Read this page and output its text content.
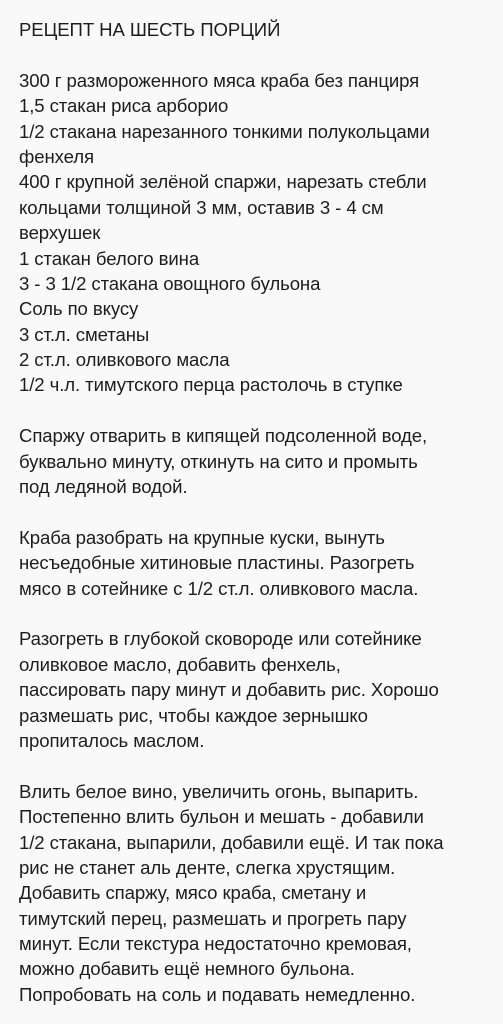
РЕЦЕПТ НА ШЕСТЬ ПОРЦИЙ
300 г размороженного мяса краба без панциря
1,5 стакан риса арборио
1/2 стакана нарезанного тонкими полукольцами
фенхеля
400 г крупной зелёной спаржи, нарезать стебли
кольцами толщиной 3 мм, оставив 3 - 4 см
верхушек
1 стакан белого вина
3 - 3 1/2 стакана овощного бульона
Соль по вкусу
3 ст.л. сметаны
2 ст.л. оливкового масла
1/2 ч.л. тимутского перца растолочь в ступке
Спаржу отварить в кипящей подсоленной воде,
буквально минуту, откинуть на сито и промыть
под ледяной водой.
Краба разобрать на крупные куски, вынуть
несъедобные хитиновые пластины. Разогреть
мясо в сотейнике с 1/2 ст.л. оливкового масла.
Разогреть в глубокой сковороде или сотейнике
оливковое масло, добавить фенхель,
пассировать пару минут и добавить рис. Хорошо
размешать рис, чтобы каждое зернышко
пропиталось маслом.
Влить белое вино, увеличить огонь, выпарить.
Постепенно влить бульон и мешать - добавили
1/2 стакана, выпарили, добавили ещё. И так пока
рис не станет аль денте, слегка хрустящим.
Добавить спаржу, мясо краба, сметану и
тимутский перец, размешать и прогреть пару
минут. Если текстура недостаточно кремовая,
можно добавить ещё немного бульона.
Попробовать на соль и подавать немедленно.
